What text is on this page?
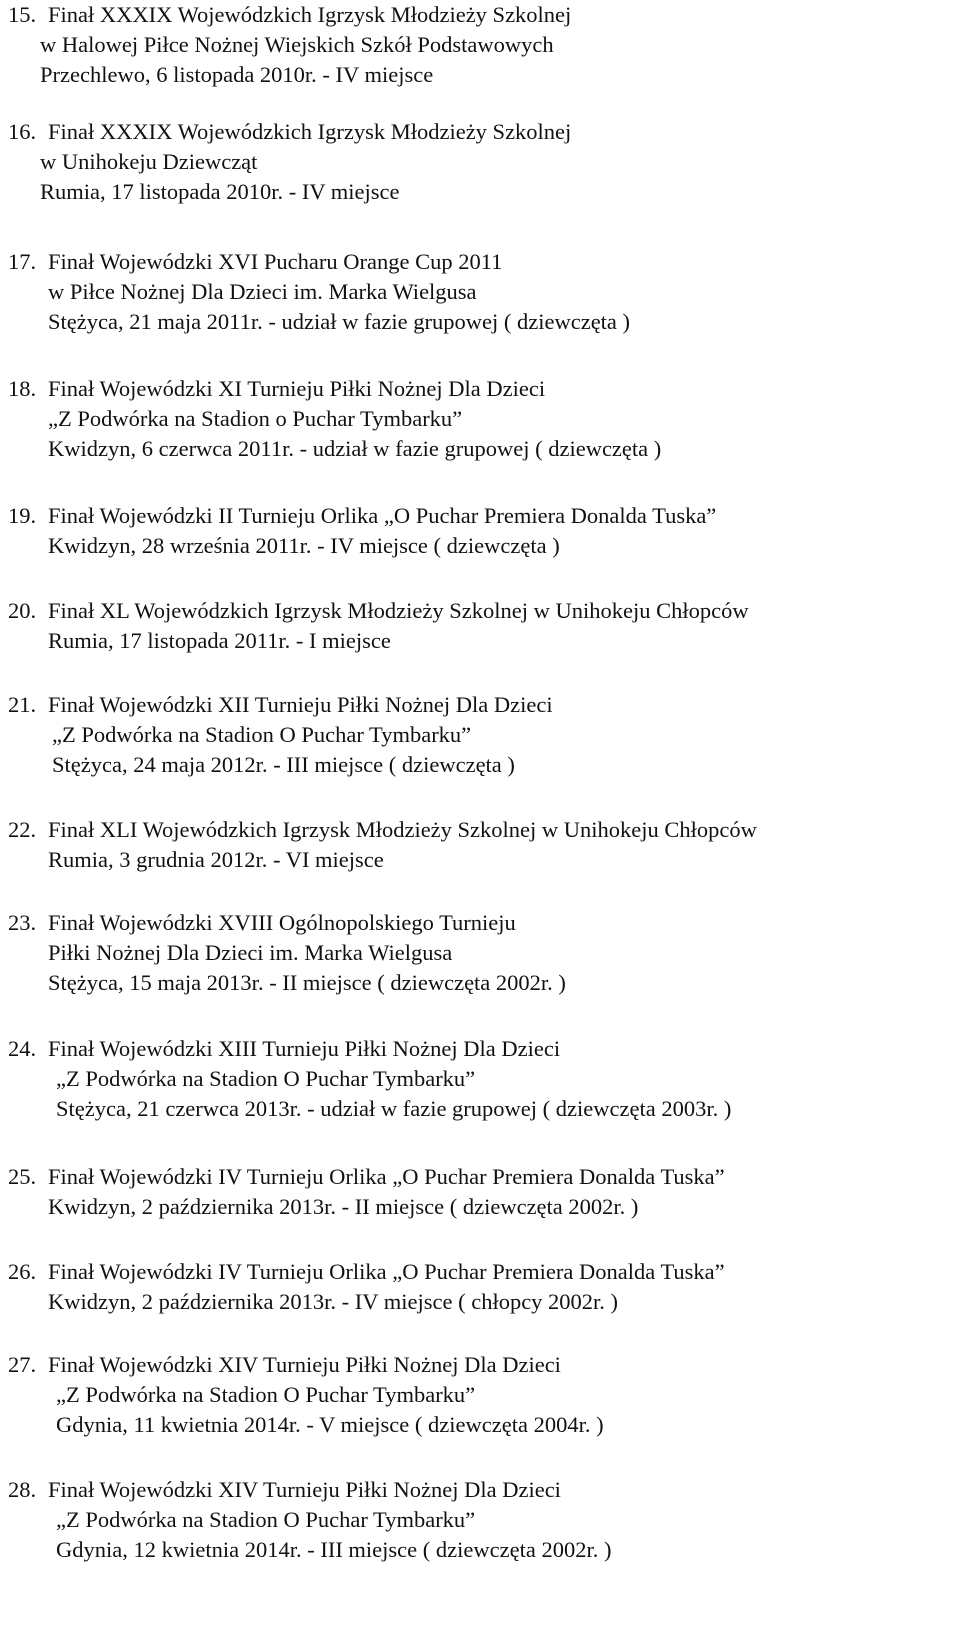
15. Finał XXXIX Wojewódzkich Igrzysk Młodzieży Szkolnej
w Halowej Piłce Nożnej Wiejskich Szkół Podstawowych
Przechlewo, 6 listopada 2010r. - IV miejsce
16. Finał XXXIX Wojewódzkich Igrzysk Młodzieży Szkolnej
w Unihokeju Dziewcząt
Rumia, 17 listopada 2010r. - IV miejsce
17. Finał Wojewódzki XVI Pucharu Orange Cup 2011
w Piłce Nożnej Dla Dzieci im. Marka Wielgusa
Stężyca, 21 maja 2011r. - udział w fazie grupowej ( dziewczęta )
18. Finał Wojewódzki XI Turnieju Piłki Nożnej Dla Dzieci
„Z Podwórka na Stadion o Puchar Tymbarku”
Kwidzyn, 6 czerwca 2011r. - udział w fazie grupowej ( dziewczęta )
19. Finał Wojewódzki II Turnieju Orlika „O Puchar Premiera Donalda Tuska”
Kwidzyn, 28 września 2011r. - IV miejsce ( dziewczęta )
20. Finał XL Wojewódzkich Igrzysk Młodzieży Szkolnej w Unihokeju Chłopców
Rumia, 17 listopada 2011r. - I miejsce
21. Finał Wojewódzki XII Turnieju Piłki Nożnej Dla Dzieci
„Z Podwórka na Stadion O Puchar Tymbarku”
Stężyca, 24 maja 2012r. - III miejsce ( dziewczęta )
22. Finał XLI Wojewódzkich Igrzysk Młodzieży Szkolnej w Unihokeju Chłopców
Rumia, 3 grudnia 2012r. - VI miejsce
23. Finał Wojewódzki XVIII Ogólnopolskiego Turnieju
Piłki Nożnej Dla Dzieci im. Marka Wielgusa
Stężyca, 15 maja 2013r. - II miejsce ( dziewczęta 2002r. )
24. Finał Wojewódzki XIII Turnieju Piłki Nożnej Dla Dzieci
„Z Podwórka na Stadion O Puchar Tymbarku”
Stężyca, 21 czerwca 2013r. - udział w fazie grupowej ( dziewczęta 2003r. )
25. Finał Wojewódzki IV Turnieju Orlika „O Puchar Premiera Donalda Tuska”
Kwidzyn, 2 października 2013r. - II miejsce ( dziewczęta 2002r. )
26. Finał Wojewódzki IV Turnieju Orlika „O Puchar Premiera Donalda Tuska”
Kwidzyn, 2 października 2013r. - IV miejsce ( chłopcy 2002r. )
27. Finał Wojewódzki XIV Turnieju Piłki Nożnej Dla Dzieci
„Z Podwórka na Stadion O Puchar Tymbarku”
Gdynia, 11 kwietnia 2014r. - V miejsce ( dziewczęta 2004r. )
28. Finał Wojewódzki XIV Turnieju Piłki Nożnej Dla Dzieci
„Z Podwórka na Stadion O Puchar Tymbarku”
Gdynia, 12 kwietnia 2014r. - III miejsce ( dziewczęta 2002r. )
